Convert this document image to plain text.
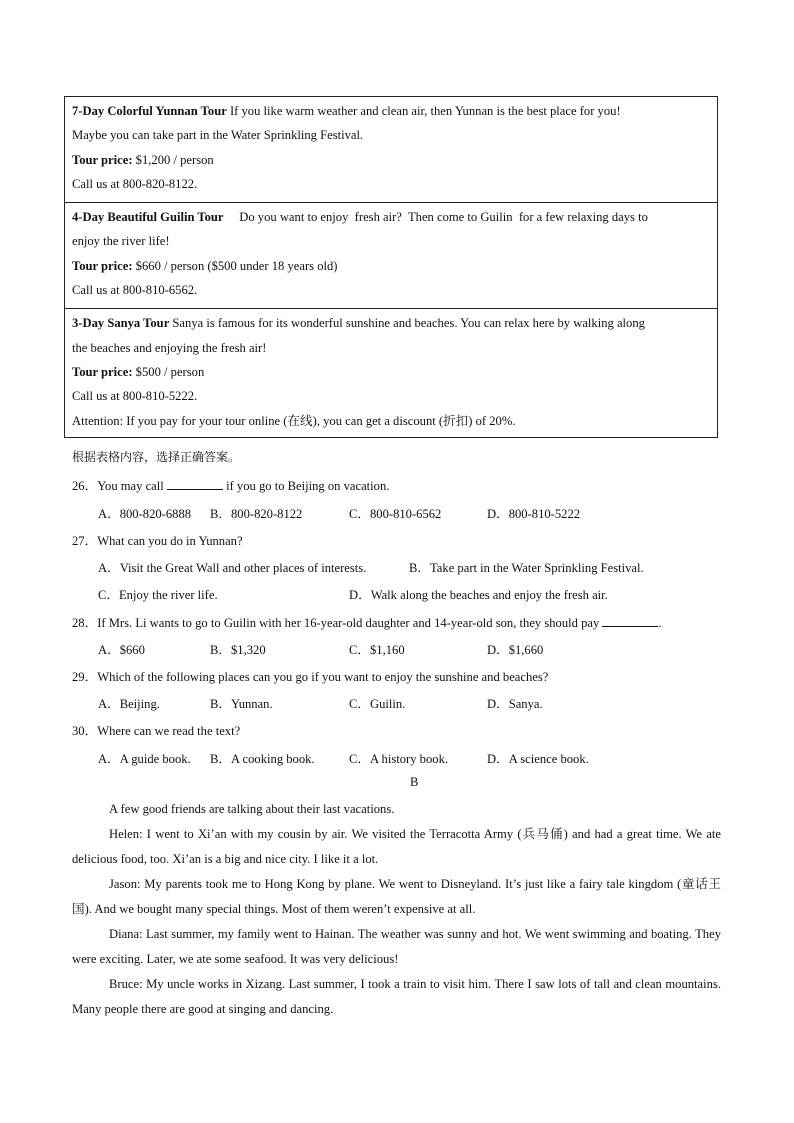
7-Day Colorful Yunnan Tour If you like warm weather and clean air, then Yunnan is the best place for you!
Maybe you can take part in the Water Sprinkling Festival.
Tour price: $1,200 / person
Call us at 800-820-8122.
4-Day Beautiful Guilin Tour     Do you want to enjoy  fresh air?  Then come to Guilin  for a few relaxing days to
enjoy the river life!
Tour price: $660 / person ($500 under 18 years old)
Call us at 800-810-6562.
3-Day Sanya Tour Sanya is famous for its wonderful sunshine and beaches. You can relax here by walking along
the beaches and enjoying the fresh air!
Tour price: $500 / person
Call us at 800-810-5222.
Attention: If you pay for your tour online (在线), you can get a discount (折扣) of 20%.
根据表格内容，选择正确答案。
26．You may call	if you go to Beijing on vacation.
A．800-820-6888 B．800-820-8122	C．800-810-6562	D．800-810-5222
27．What can you do in Yunnan?
A．Visit the Great Wall and other places of interests.	B．Take part in the Water Sprinkling Festival.
C．Enjoy the river life.	D．Walk along the beaches and enjoy the fresh air.
28．If Mrs. Li wants to go to Guilin with her 16-year-old daughter and 14-year-old son, they should pay	.
A．$660	B．$1,320	C．$1,160	D．$1,660
29．Which of the following places can you go if you want to enjoy the sunshine and beaches?
A．Beijing.	B．Yunnan.	C．Guilin.	D．Sanya.
30．Where can we read the text?
A．A guide book. B．A cooking book.	C．A history book.	D．A science book.
B

A few good friends are talking about their last vacations.

Helen: I went to Xi’an with my cousin by air. We visited the Terracotta Army (兵马俑) and had a great time. We ate delicious food, too. Xi’an is a big and nice city. I like it a lot.

Jason: My parents took me to Hong Kong by plane. We went to Disneyland. It’s just like a fairy tale kingdom (童话王国). And we bought many special things. Most of them weren’t expensive at all.

Diana: Last summer, my family went to Hainan. The weather was sunny and hot. We went swimming and boating. They were exciting. Later, we ate some seafood. It was very delicious!

Bruce: My uncle works in Xizang. Last summer, I took a train to visit him. There I saw lots of tall and clean mountains. Many people there are good at singing and dancing.
